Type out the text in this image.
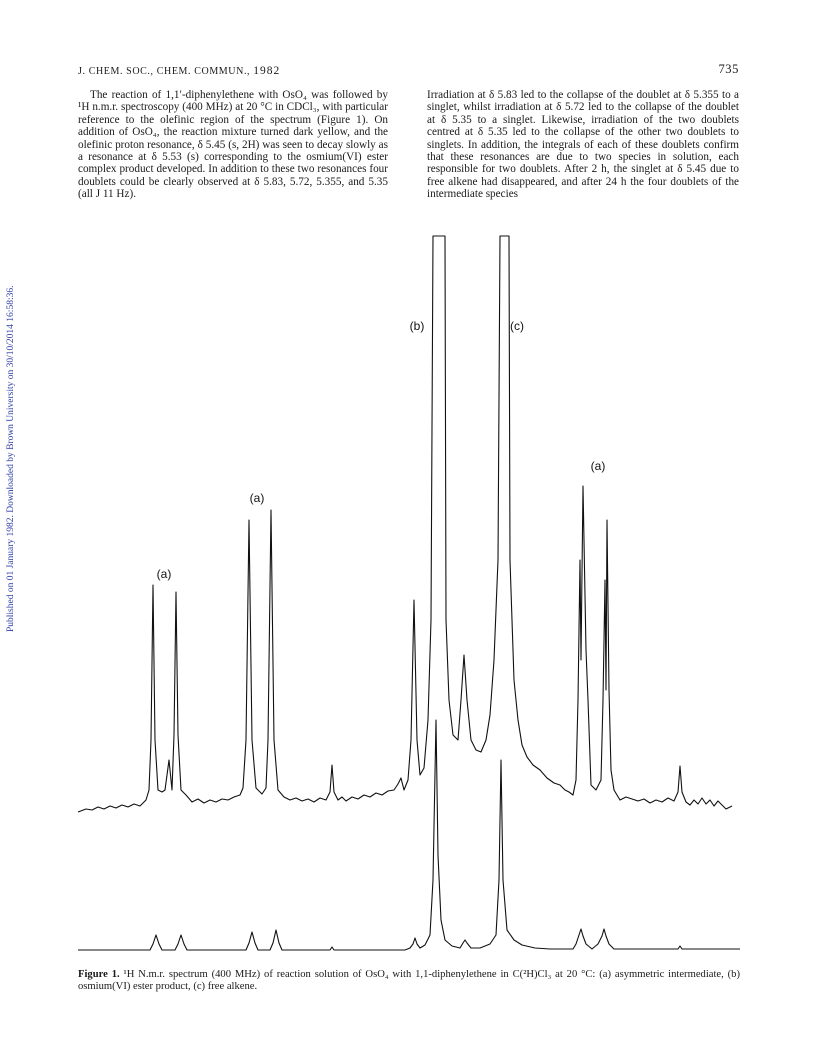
Published on 01 January 1982. Downloaded by Brown University on 30/10/2014 16:58:36.
J. CHEM. SOC., CHEM. COMMUN., 1982	735

The reaction of 1,1′-diphenylethene with OsO₄ was followed by ¹H n.m.r. spectroscopy (400 MHz) at 20 °C in CDCl₃, with particular reference to the olefinic region of the spectrum (Figure 1). On addition of OsO₄, the reaction mixture turned dark yellow, and the olefinic proton resonance, δ 5.45 (s, 2H) was seen to decay slowly as a resonance at δ 5.53 (s) corresponding to the osmium(VI) ester complex product developed. In addition to these two resonances four doublets could be clearly observed at δ 5.83, 5.72, 5.355, and 5.35 (all J 11 Hz).

Irradiation at δ 5.83 led to the collapse of the doublet at δ 5.355 to a singlet, whilst irradiation at δ 5.72 led to the collapse of the doublet at δ 5.35 to a singlet. Likewise, irradiation of the two doublets centred at δ 5.35 led to the collapse of the other two doublets to singlets. In addition, the integrals of each of these doublets confirm that these resonances are due to two species in solution, each responsible for two doublets. After 2 h, the singlet at δ 5.45 due to free alkene had disappeared, and after 24 h the four doublets of the intermediate species

(a)
(a)
(b)	(c)
(a)
Figure 1. ¹H N.m.r. spectrum (400 MHz) of reaction solution of OsO₄ with 1,1-diphenylethene in C(²H)Cl₃ at 20 °C: (a) asymmetric intermediate, (b) osmium(VI) ester product, (c) free alkene.
